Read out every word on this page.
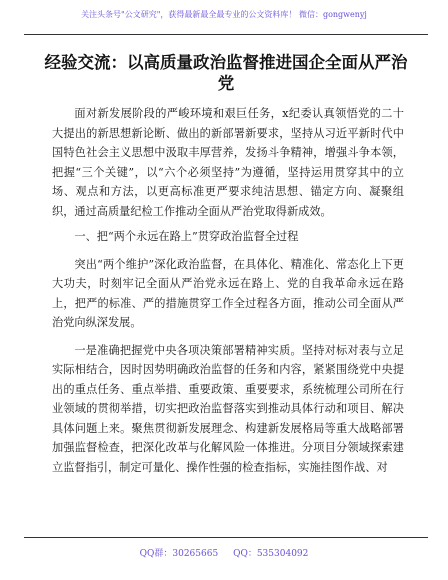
关注头条号"公文研究"，获得最新最全最专业的公文资料库！ 微信：gongwenyj
经验交流：以高质量政治监督推进国企全面从严治党

面对新发展阶段的严峻环境和艰巨任务，x纪委认真领悟党的二十大提出的新思想新论断、做出的新部署新要求，坚持从习近平新时代中国特色社会主义思想中汲取丰厚营养，发扬斗争精神，增强斗争本领，把握“三个关键”，以“六个必须坚持”为遵循，坚持运用贯穿其中的立场、观点和方法，以更高标准更严要求纯洁思想、锚定方向、凝聚组织，通过高质量纪检工作推动全面从严治党取得新成效。

一、把“两个永远在路上”贯穿政治监督全过程

突出“两个维护”深化政治监督，在具体化、精准化、常态化上下更大功夫，时刻牢记全面从严治党永远在路上、党的自我革命永远在路上，把严的标准、严的措施贯穿工作全过程各方面，推动公司全面从严治党向纵深发展。

一是准确把握党中央各项决策部署精神实质。坚持对标对表与立足实际相结合，因时因势明确政治监督的任务和内容，紧紧围绕党中央提出的重点任务、重点举措、重要政策、重要要求，系统梳理公司所在行业领域的贯彻举措，切实把政治监督落实到推动具体行动和项目、解决具体问题上来。聚焦贯彻新发展理念、构建新发展格局等重大战略部署加强监督检查，把深化改革与化解风险一体推进。分项目分领域探索建立监督指引，制定可量化、操作性强的检查指标，实施挂图作战、对

QQ群：30265665 QQ：535304092
